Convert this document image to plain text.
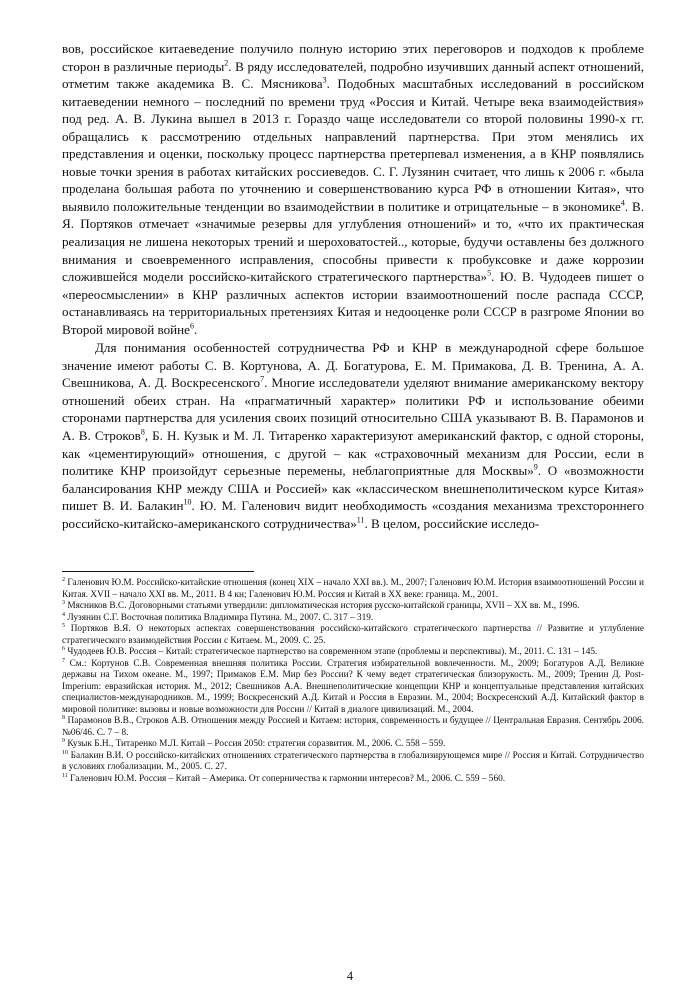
вов, российское китаеведение получило полную историю этих переговоров и подходов к проблеме сторон в различные периоды$^2$. В ряду исследователей, подробно изучивших данный аспект отношений, отметим также академика В. С. Мясникова$^3$. Подобных масштабных исследований в российском китаеведении немного – последний по времени труд «Россия и Китай. Четыре века взаимодействия» под ред. А. В. Лукина вышел в 2013 г. Гораздо чаще исследователи со второй половины 1990-х гг. обращались к рассмотрению отдельных направлений партнерства. При этом менялись их представления и оценки, поскольку процесс партнерства претерпевал изменения, а в КНР появлялись новые точки зрения в работах китайских россиеведов. С. Г. Лузянин считает, что лишь к 2006 г. «была проделана большая работа по уточнению и совершенствованию курса РФ в отношении Китая», что выявило положительные тенденции во взаимодействии в политике и отрицательные – в экономике$^4$. В. Я. Портяков отмечает «значимые резервы для углубления отношений» и то, «что их практическая реализация не лишена некоторых трений и шероховатостей.., которые, будучи оставлены без должного внимания и своевременного исправления, способны привести к пробуксовке и даже коррозии сложившейся модели российско-китайского стратегического партнерства»$^5$. Ю. В. Чудодеев пишет о «переосмыслении» в КНР различных аспектов истории взаимоотношений после распада СССР, останавливаясь на территориальных претензиях Китая и недооценке роли СССР в разгроме Японии во Второй мировой войне$^6$.

Для понимания особенностей сотрудничества РФ и КНР в международной сфере большое значение имеют работы С. В. Кортунова, А. Д. Богатурова, Е. М. Примакова, Д. В. Тренина, А. А. Свешникова, А. Д. Воскресенского$^7$. Многие исследователи уделяют внимание американскому вектору отношений обеих стран. На «прагматичный характер» политики РФ и использование обеими сторонами партнерства для усиления своих позиций относительно США указывают В. В. Парамонов и А. В. Строков$^8$, Б. Н. Кузык и М. Л. Титаренко характеризуют американский фактор, с одной стороны, как «цементирующий» отношения, с другой – как «страховочный механизм для России, если в политике КНР произойдут серьезные перемены, неблагоприятные для Москвы»$^9$. О «возможности балансирования КНР между США и Россией» как «классическом внешнеполитическом курсе Китая» пишет В. И. Балакин$^{10}$. Ю. М. Галенович видит необходимость «создания механизма трехстороннего российско-китайско-американского сотрудничества»$^{11}$. В целом, российские исследо-

$^2$ Галенович Ю.М. Российско-китайские отношения (конец XIX – начало XXI вв.). М., 2007; Галенович Ю.М. История взаимоотношений России и Китая. XVII – начало XXI вв. М., 2011. В 4 кн; Галенович Ю.М. Россия и Китай в XX веке: граница. М., 2001.

$^3$ Мясников В.С. Договорными статьями утвердили: дипломатическая история русско-китайской границы, XVII – XX вв. М., 1996.

$^4$ Лузянин С.Г. Восточная политика Владимира Путина. М., 2007. С. 317 – 319.

$^5$ Портяков В.Я. О некоторых аспектах совершенствования российско-китайского стратегического партнерства // Развитие и углубление стратегического взаимодействия России с Китаем. М., 2009. С. 25.

$^6$ Чудодеев Ю.В. Россия – Китай: стратегическое партнерство на современном этапе (проблемы и перспективы). М., 2011. С. 131 – 145.

$^7$ См.: Кортунов С.В. Современная внешняя политика России. Стратегия избирательной вовлеченности. М., 2009; Богатуров А.Д. Великие державы на Тихом океане. М., 1997; Примаков Е.М. Мир без России? К чему ведет стратегическая близорукость. М., 2009; Тренин Д. Post-Imperium: евразийская история. М., 2012; Свешников А.А. Внешнеполитические концепции КНР и концептуальные представления китайских специалистов-международников. М., 1999; Воскресенский А.Д. Китай и Россия в Евразии. М., 2004; Воскресенский А.Д. Китайский фактор в мировой политике: вызовы и новые возможности для России // Китай в диалоге цивилизаций. М., 2004.

$^8$ Парамонов В.В., Строков А.В. Отношения между Россией и Китаем: история, современность и будущее // Центральная Евразия. Сентябрь 2006. №06/46. С. 7 – 8.

$^9$ Кузык Б.Н., Титаренко М.Л. Китай – Россия 2050: стратегия соразвития. М., 2006. С. 558 – 559.

$^{10}$ Балакин В.И. О российско-китайских отношениях стратегического партнерства в глобализирующемся мире // Россия и Китай. Сотрудничество в условиях глобализации. М., 2005. С. 27.

$^{11}$ Галенович Ю.М. Россия – Китай – Америка. От соперничества к гармонии интересов? М., 2006. С. 559 – 560.

4
